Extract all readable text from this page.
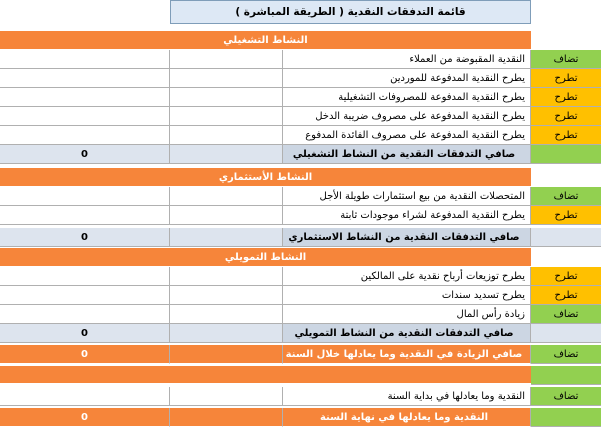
قائمة التدفقات النقدية ( الطريقة المباشرة )
النشاط التشغيلي
النقدية المقبوضة من العملاء	تضاف
يطرح النقدية المدفوعة للموردين	تطرح
يطرح النقدية المدفوعة للمصروفات التشغيلية	تطرح
يطرح النقدية المدفوعة على مصروف ضريبة الدخل	تطرح
يطرح النقدية المدفوعة على مصروف الفائدة المدفوع	تطرح
0	صافي التدفقات النقدية من النشاط التشغيلي
النشاط الأستثماري
المتحصلات النقدية من بيع استثمارات طويلة الأجل	تضاف
يطرح النقدية المدفوعة لشراء موجودات ثابتة	تطرح
0	صافي التدفقات النقدية من النشاط الاستثماري
النشاط التمويلي
يطرح توزيعات أرباح نقدية على المالكين	تطرح
يطرح تسديد سندات	تطرح
زيادة رأس المال	تضاف
0	صافي التدفقات النقدية من النشاط التمويلي
0	صافي الزيادة في النقدية وما يعادلها خلال السنة	تضاف
النقدية وما يعادلها في بداية السنة	تضاف
0	النقدية وما يعادلها في نهاية السنة
